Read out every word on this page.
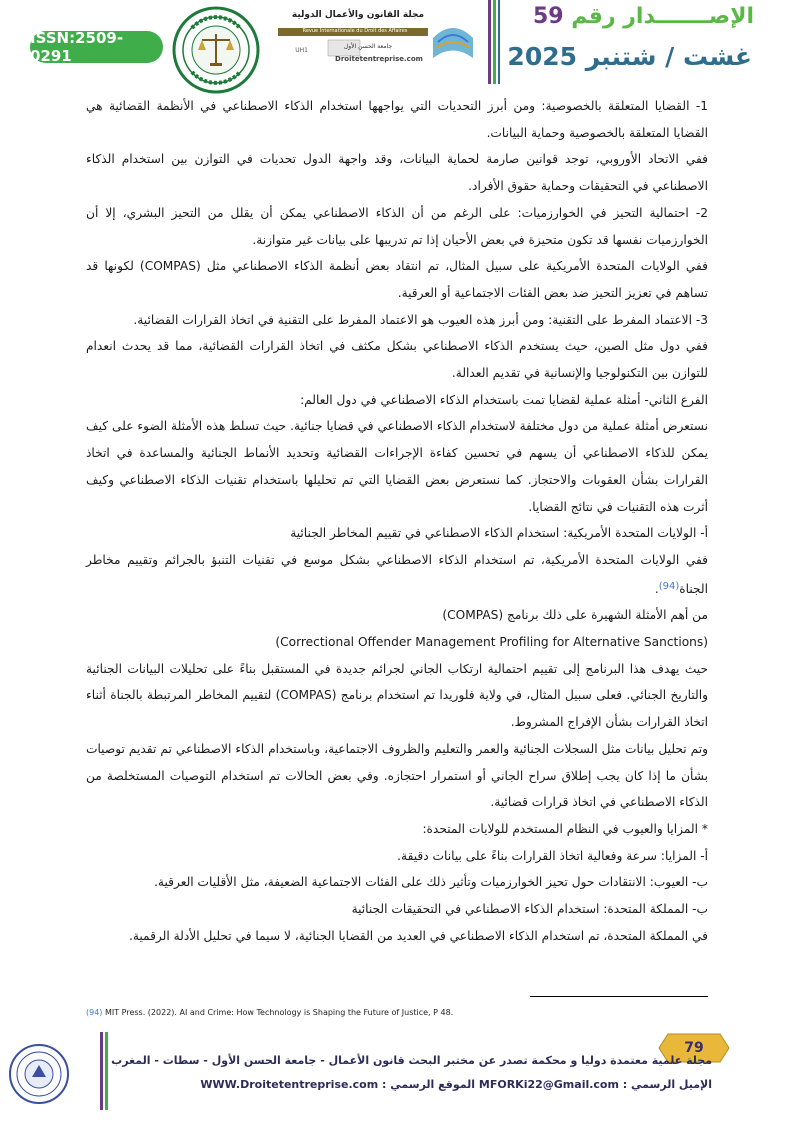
ISSN:2509-0291	UH1
مجلة القانون والأعمال الدولية
Revue Internationale du Droit des Affaires
جامعة الحسن الأول
Droitetentreprise.com
الإصـــــــدار رقم 59
غشت / شتنبر 2025

1- القضايا المتعلقة بالخصوصية: ومن أبرز التحديات التي يواجهها استخدام الذكاء الاصطناعي في الأنظمة القضائية هي القضايا المتعلقة بالخصوصية وحماية البيانات.

ففي الاتحاد الأوروبي، توجد قوانين صارمة لحماية البيانات، وقد واجهة الدول تحديات في التوازن بين استخدام الذكاء الاصطناعي في التحقيقات وحماية حقوق الأفراد.

2- احتمالية التحيز في الخوارزميات: على الرغم من أن الذكاء الاصطناعي يمكن أن يقلل من التحيز البشري، إلا أن الخوارزميات نفسها قد تكون متحيزة في بعض الأحيان إذا تم تدريبها على بيانات غير متوازنة.

ففي الولايات المتحدة الأمريكية على سبيل المثال، تم انتقاد بعض أنظمة الذكاء الاصطناعي مثل (COMPAS) لكونها قد تساهم في تعزيز التحيز ضد بعض الفئات الاجتماعية أو العرقية.

3- الاعتماد المفرط على التقنية: ومن أبرز هذه العيوب هو الاعتماد المفرط على التقنية في اتخاذ القرارات القضائية.

ففي دول مثل الصين، حيث يستخدم الذكاء الاصطناعي بشكل مكثف في اتخاذ القرارات القضائية، مما قد يحدث انعدام للتوازن بين التكنولوجيا والإنسانية في تقديم العدالة.

الفرع الثاني- أمثلة عملية لقضايا تمت باستخدام الذكاء الاصطناعي في دول العالم:

نستعرض أمثلة عملية من دول مختلفة لاستخدام الذكاء الاصطناعي في قضايا جنائية. حيث تسلط هذه الأمثلة الضوء على كيف يمكن للذكاء الاصطناعي أن يسهم في تحسين كفاءة الإجراءات القضائية وتحديد الأنماط الجنائية والمساعدة في اتخاذ القرارات بشأن العقوبات والاحتجاز. كما نستعرض بعض القضايا التي تم تحليلها باستخدام تقنيات الذكاء الاصطناعي وكيف أثرت هذه التقنيات في نتائج القضايا.

أ- الولايات المتحدة الأمريكية: استخدام الذكاء الاصطناعي في تقييم المخاطر الجنائية

ففي الولايات المتحدة الأمريكية، تم استخدام الذكاء الاصطناعي بشكل موسع في تقنيات التنبؤ بالجرائم وتقييم مخاطر الجناة$^{(94)}$.

من أهم الأمثلة الشهيرة على ذلك برنامج (COMPAS)

(Correctional Offender Management Profiling for Alternative Sanctions)

حيث يهدف هذا البرنامج إلى تقييم احتمالية ارتكاب الجاني لجرائم جديدة في المستقبل بناءً على تحليلات البيانات الجنائية والتاريخ الجنائي. فعلى سبيل المثال، في ولاية فلوريدا تم استخدام برنامج (COMPAS) لتقييم المخاطر المرتبطة بالجناة أثناء اتخاذ القرارات بشأن الإفراج المشروط.

وتم تحليل بيانات مثل السجلات الجنائية والعمر والتعليم والظروف الاجتماعية، وباستخدام الذكاء الاصطناعي تم تقديم توصيات بشأن ما إذا كان يجب إطلاق سراح الجاني أو استمرار احتجازه. وفي بعض الحالات تم استخدام التوصيات المستخلصة من الذكاء الاصطناعي في اتخاذ قرارات قضائية.

* المزايا والعيوب في النظام المستخدم للولايات المتحدة:

أ- المزايا: سرعة وفعالية اتخاذ القرارات بناءً على بيانات دقيقة.

ب- العيوب: الانتقادات حول تحيز الخوارزميات وتأثير ذلك على الفئات الاجتماعية الضعيفة، مثل الأقليات العرقية.

ب- المملكة المتحدة: استخدام الذكاء الاصطناعي في التحقيقات الجنائية

في المملكة المتحدة، تم استخدام الذكاء الاصطناعي في العديد من القضايا الجنائية، لا سيما في تحليل الأدلة الرقمية.

(94) MIT Press. (2022). AI and Crime: How Technology is Shaping the Future of Justice, P 48.
79
مجلة علمية معتمدة دوليا و محكمة تصدر عن مختبر البحث قانون الأعمال - جامعة الحسن الأول - سطات - المغرب
الإميل الرسمي : MFORKi22@Gmail.com الموقع الرسمي : WWW.Droitetentreprise.com
